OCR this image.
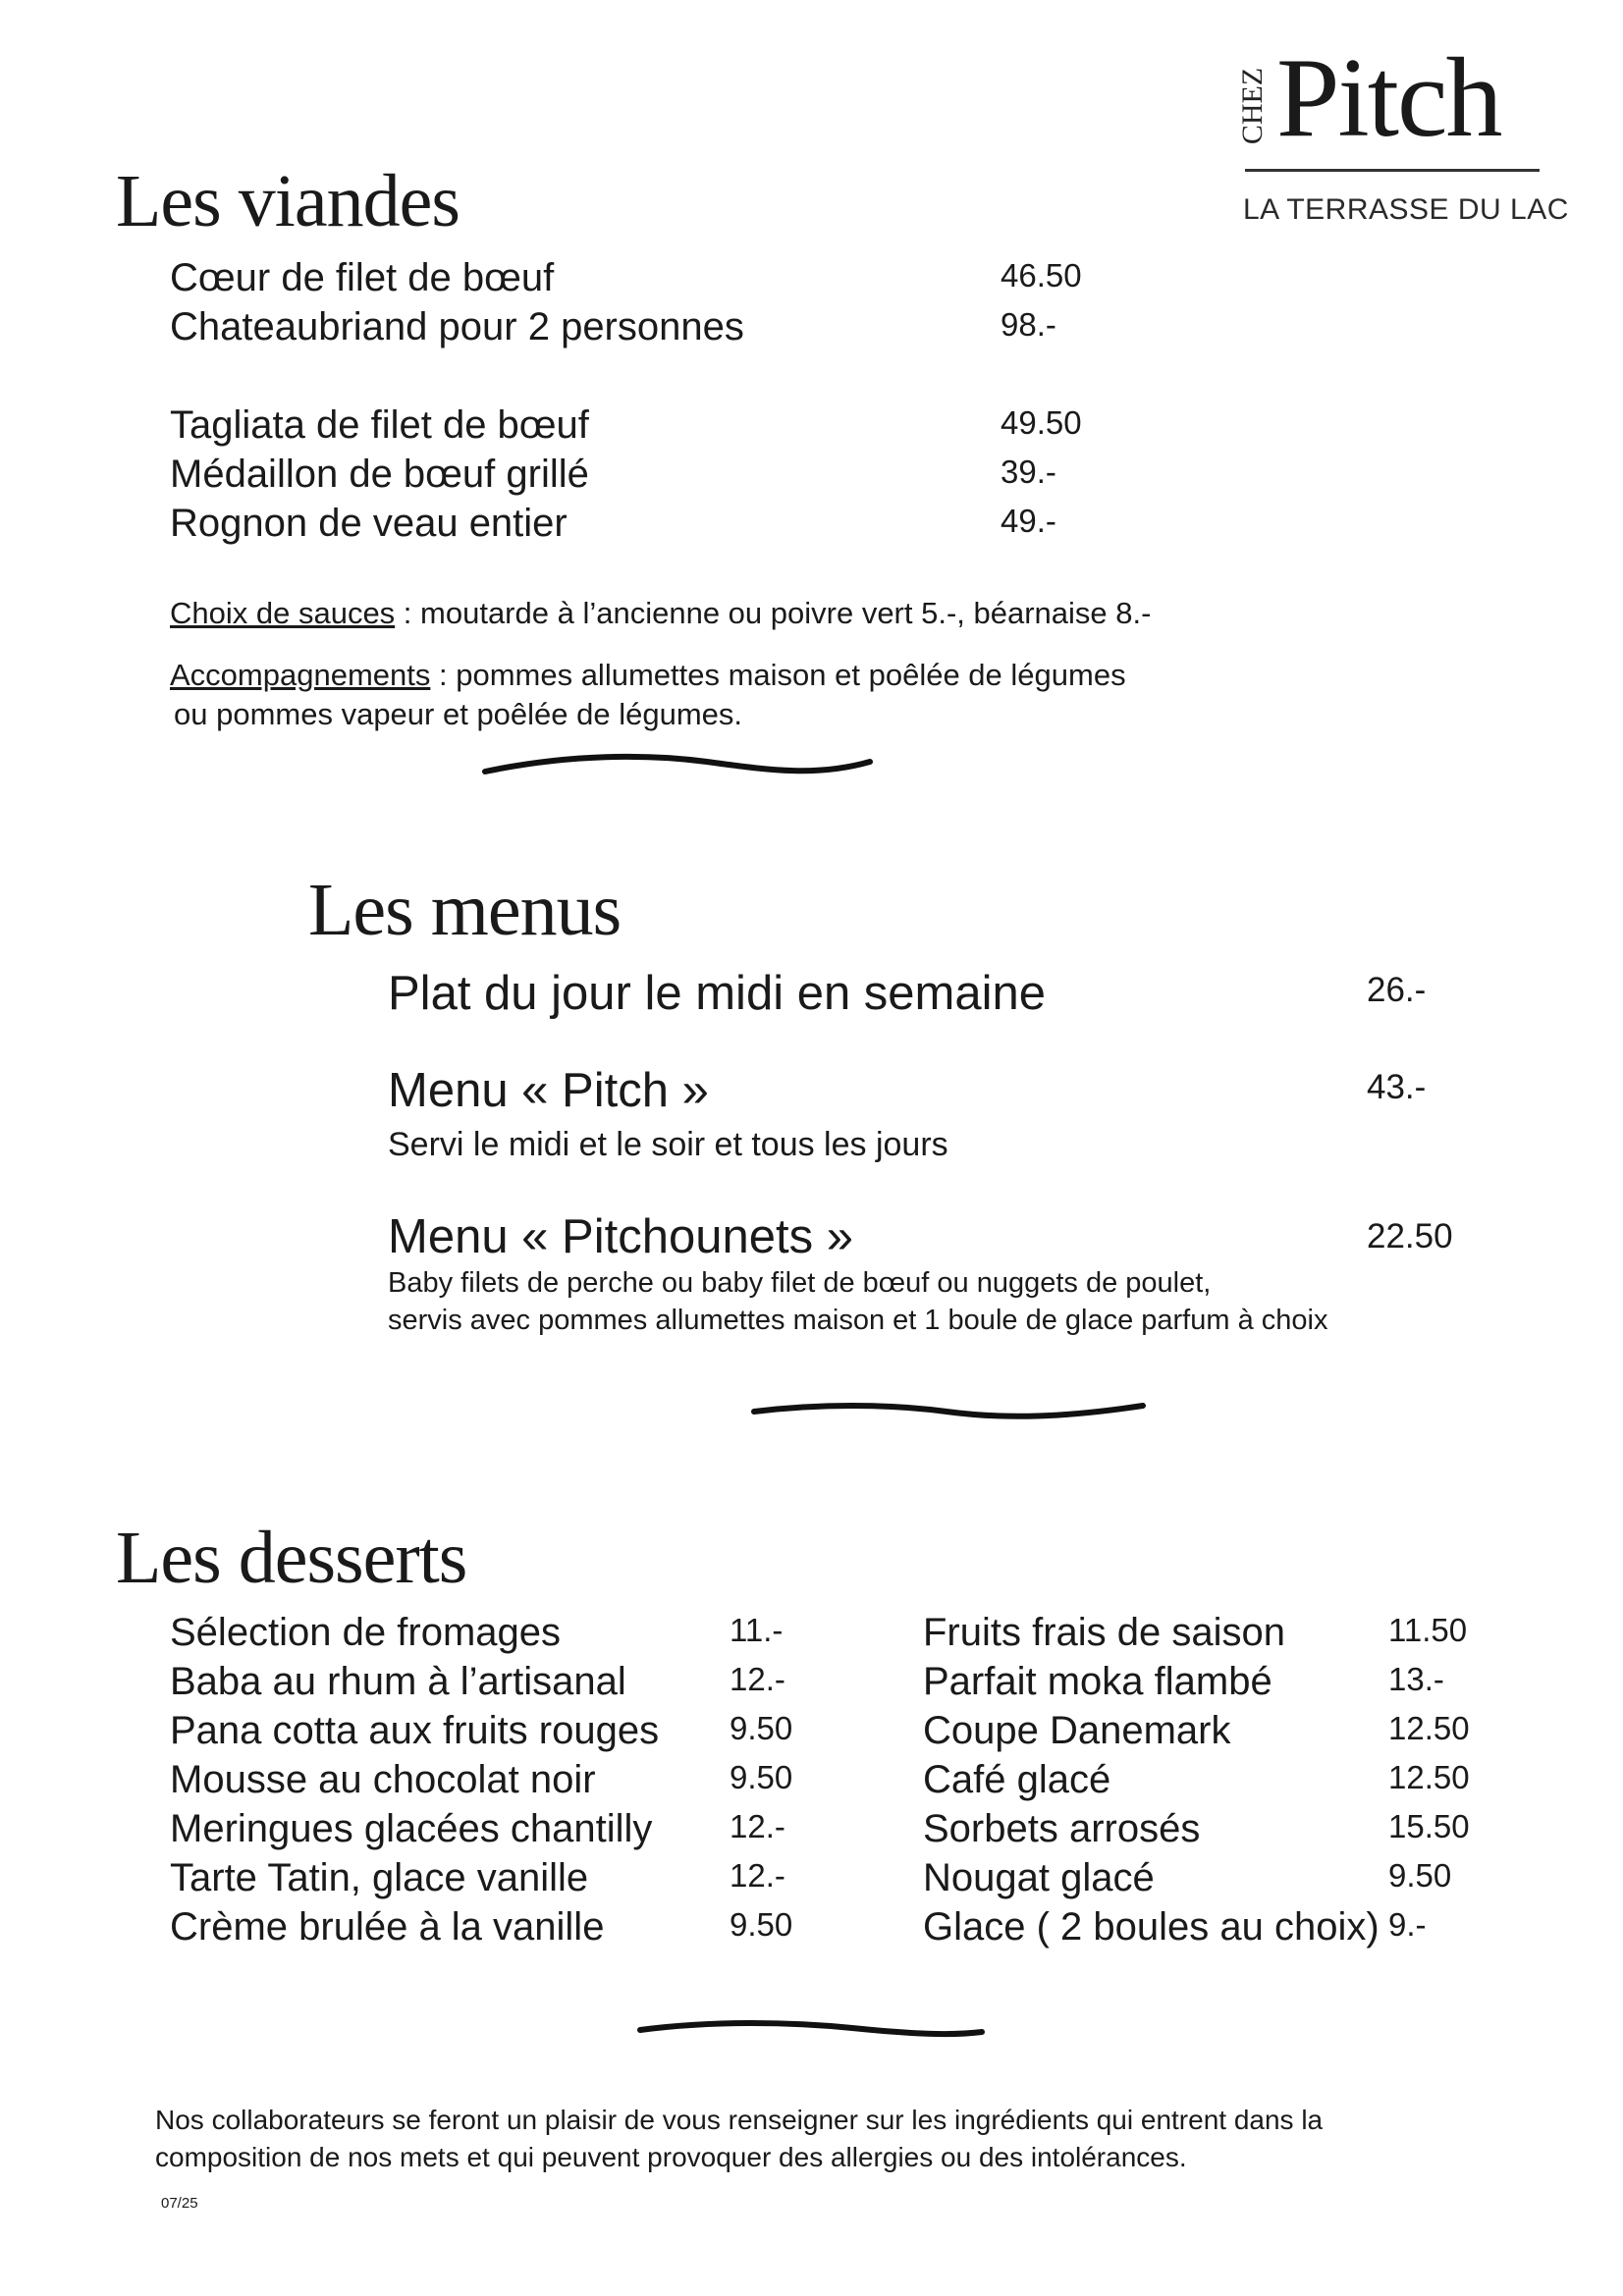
CHEZ Pitch
LA TERRASSE DU LAC
Les viandes
Cœur de filet de bœuf	46.50
Chateaubriand pour 2 personnes	98.-
Tagliata de filet de bœuf	49.50
Médaillon de bœuf grillé	39.-
Rognon de veau entier	49.-
Choix de sauces : moutarde à l’ancienne ou poivre vert 5.-, béarnaise 8.-
Accompagnements : pommes allumettes maison et poêlée de légumes
ou pommes vapeur et poêlée de légumes.
Les menus
Plat du jour le midi en semaine	26.-
Menu « Pitch »	43.-
Servi le midi et le soir et tous les jours
Menu « Pitchounets »	22.50
Baby filets de perche ou baby filet de bœuf ou nuggets de poulet,
servis avec pommes allumettes maison et 1 boule de glace parfum à choix
Les desserts
Sélection de fromages	11.-
Baba au rhum à l’artisanal	12.-
Pana cotta aux fruits rouges 9.50
Mousse au chocolat noir	9.50
Meringues glacées chantilly 12.-
Tarte Tatin, glace vanille	12.-
Crème brulée à la vanille	9.50
Fruits frais de saison	11.50
Parfait moka flambé	13.-
Coupe Danemark	12.50
Café glacé	12.50
Sorbets arrosés	15.50
Nougat glacé	9.50
Glace ( 2 boules au choix) 9.-
Nos collaborateurs se feront un plaisir de vous renseigner sur les ingrédients qui entrent dans la
composition de nos mets et qui peuvent provoquer des allergies ou des intolérances.
07/25
